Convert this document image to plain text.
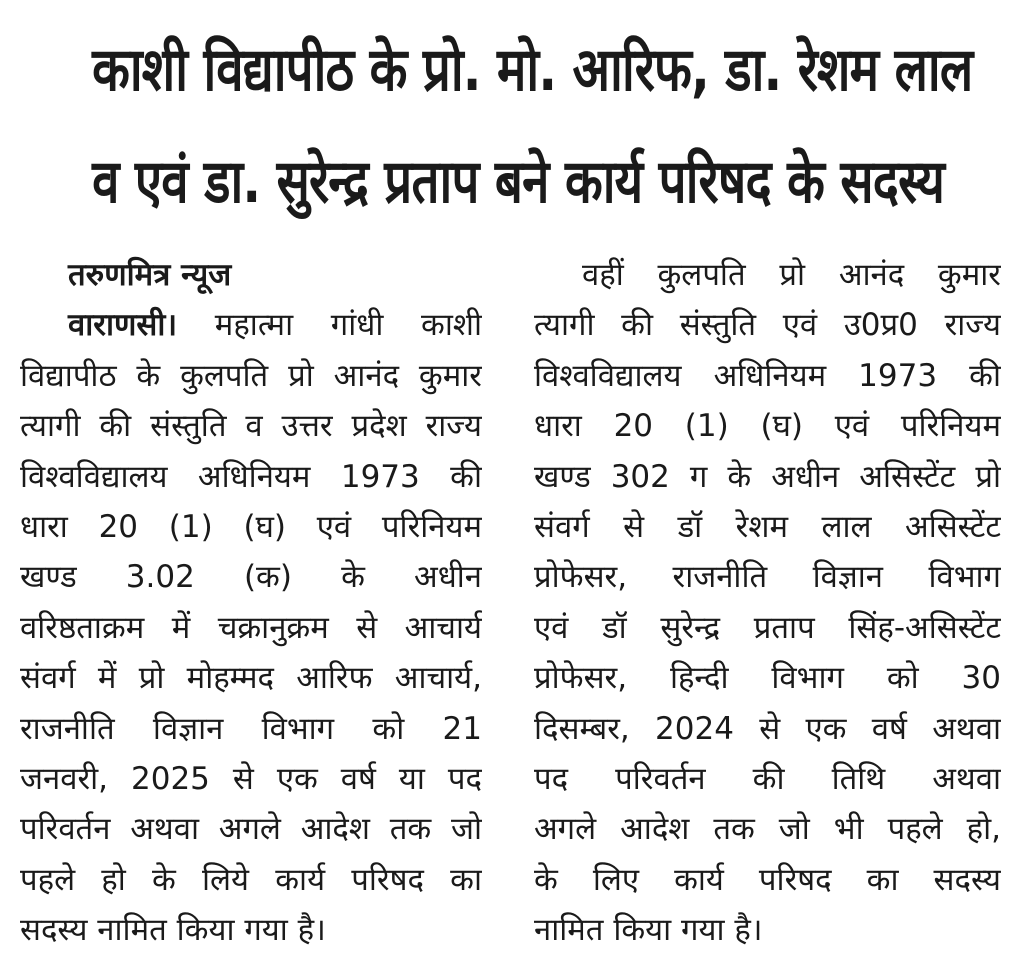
काशी विद्यापीठ के प्रो. मो. आरिफ, डा. रेशम लाल
व एवं डा. सुरेन्द्र प्रताप बने कार्य परिषद के सदस्य
तरुणमित्र न्यूज
वाराणसी। महात्मा गांधी काशी
विद्यापीठ के कुलपति प्रो आनंद कुमार
त्यागी की संस्तुति व उत्तर प्रदेश राज्य
विश्वविद्यालय अधिनियम 1973 की
धारा 20 (1) (घ) एवं परिनियम
खण्ड 3.02 (क) के अधीन
वरिष्ठताक्रम में चक्रानुक्रम से आचार्य
संवर्ग में प्रो मोहम्मद आरिफ आचार्य,
राजनीति विज्ञान विभाग को 21
जनवरी, 2025 से एक वर्ष या पद
परिवर्तन अथवा अगले आदेश तक जो
पहले हो के लिये कार्य परिषद का
सदस्य नामित किया गया है।
वहीं कुलपति प्रो आनंद कुमार
त्यागी की संस्तुति एवं उ0प्र0 राज्य
विश्वविद्यालय अधिनियम 1973 की
धारा 20 (1) (घ) एवं परिनियम
खण्ड 302 ग के अधीन असिस्टेंट प्रो
संवर्ग से डॉ रेशम लाल असिस्टेंट
प्रोफेसर, राजनीति विज्ञान विभाग
एवं डॉ सुरेन्द्र प्रताप सिंह-असिस्टेंट
प्रोफेसर, हिन्दी विभाग को 30
दिसम्बर, 2024 से एक वर्ष अथवा
पद परिवर्तन की तिथि अथवा
अगले आदेश तक जो भी पहले हो,
के लिए कार्य परिषद का सदस्य
नामित किया गया है।
